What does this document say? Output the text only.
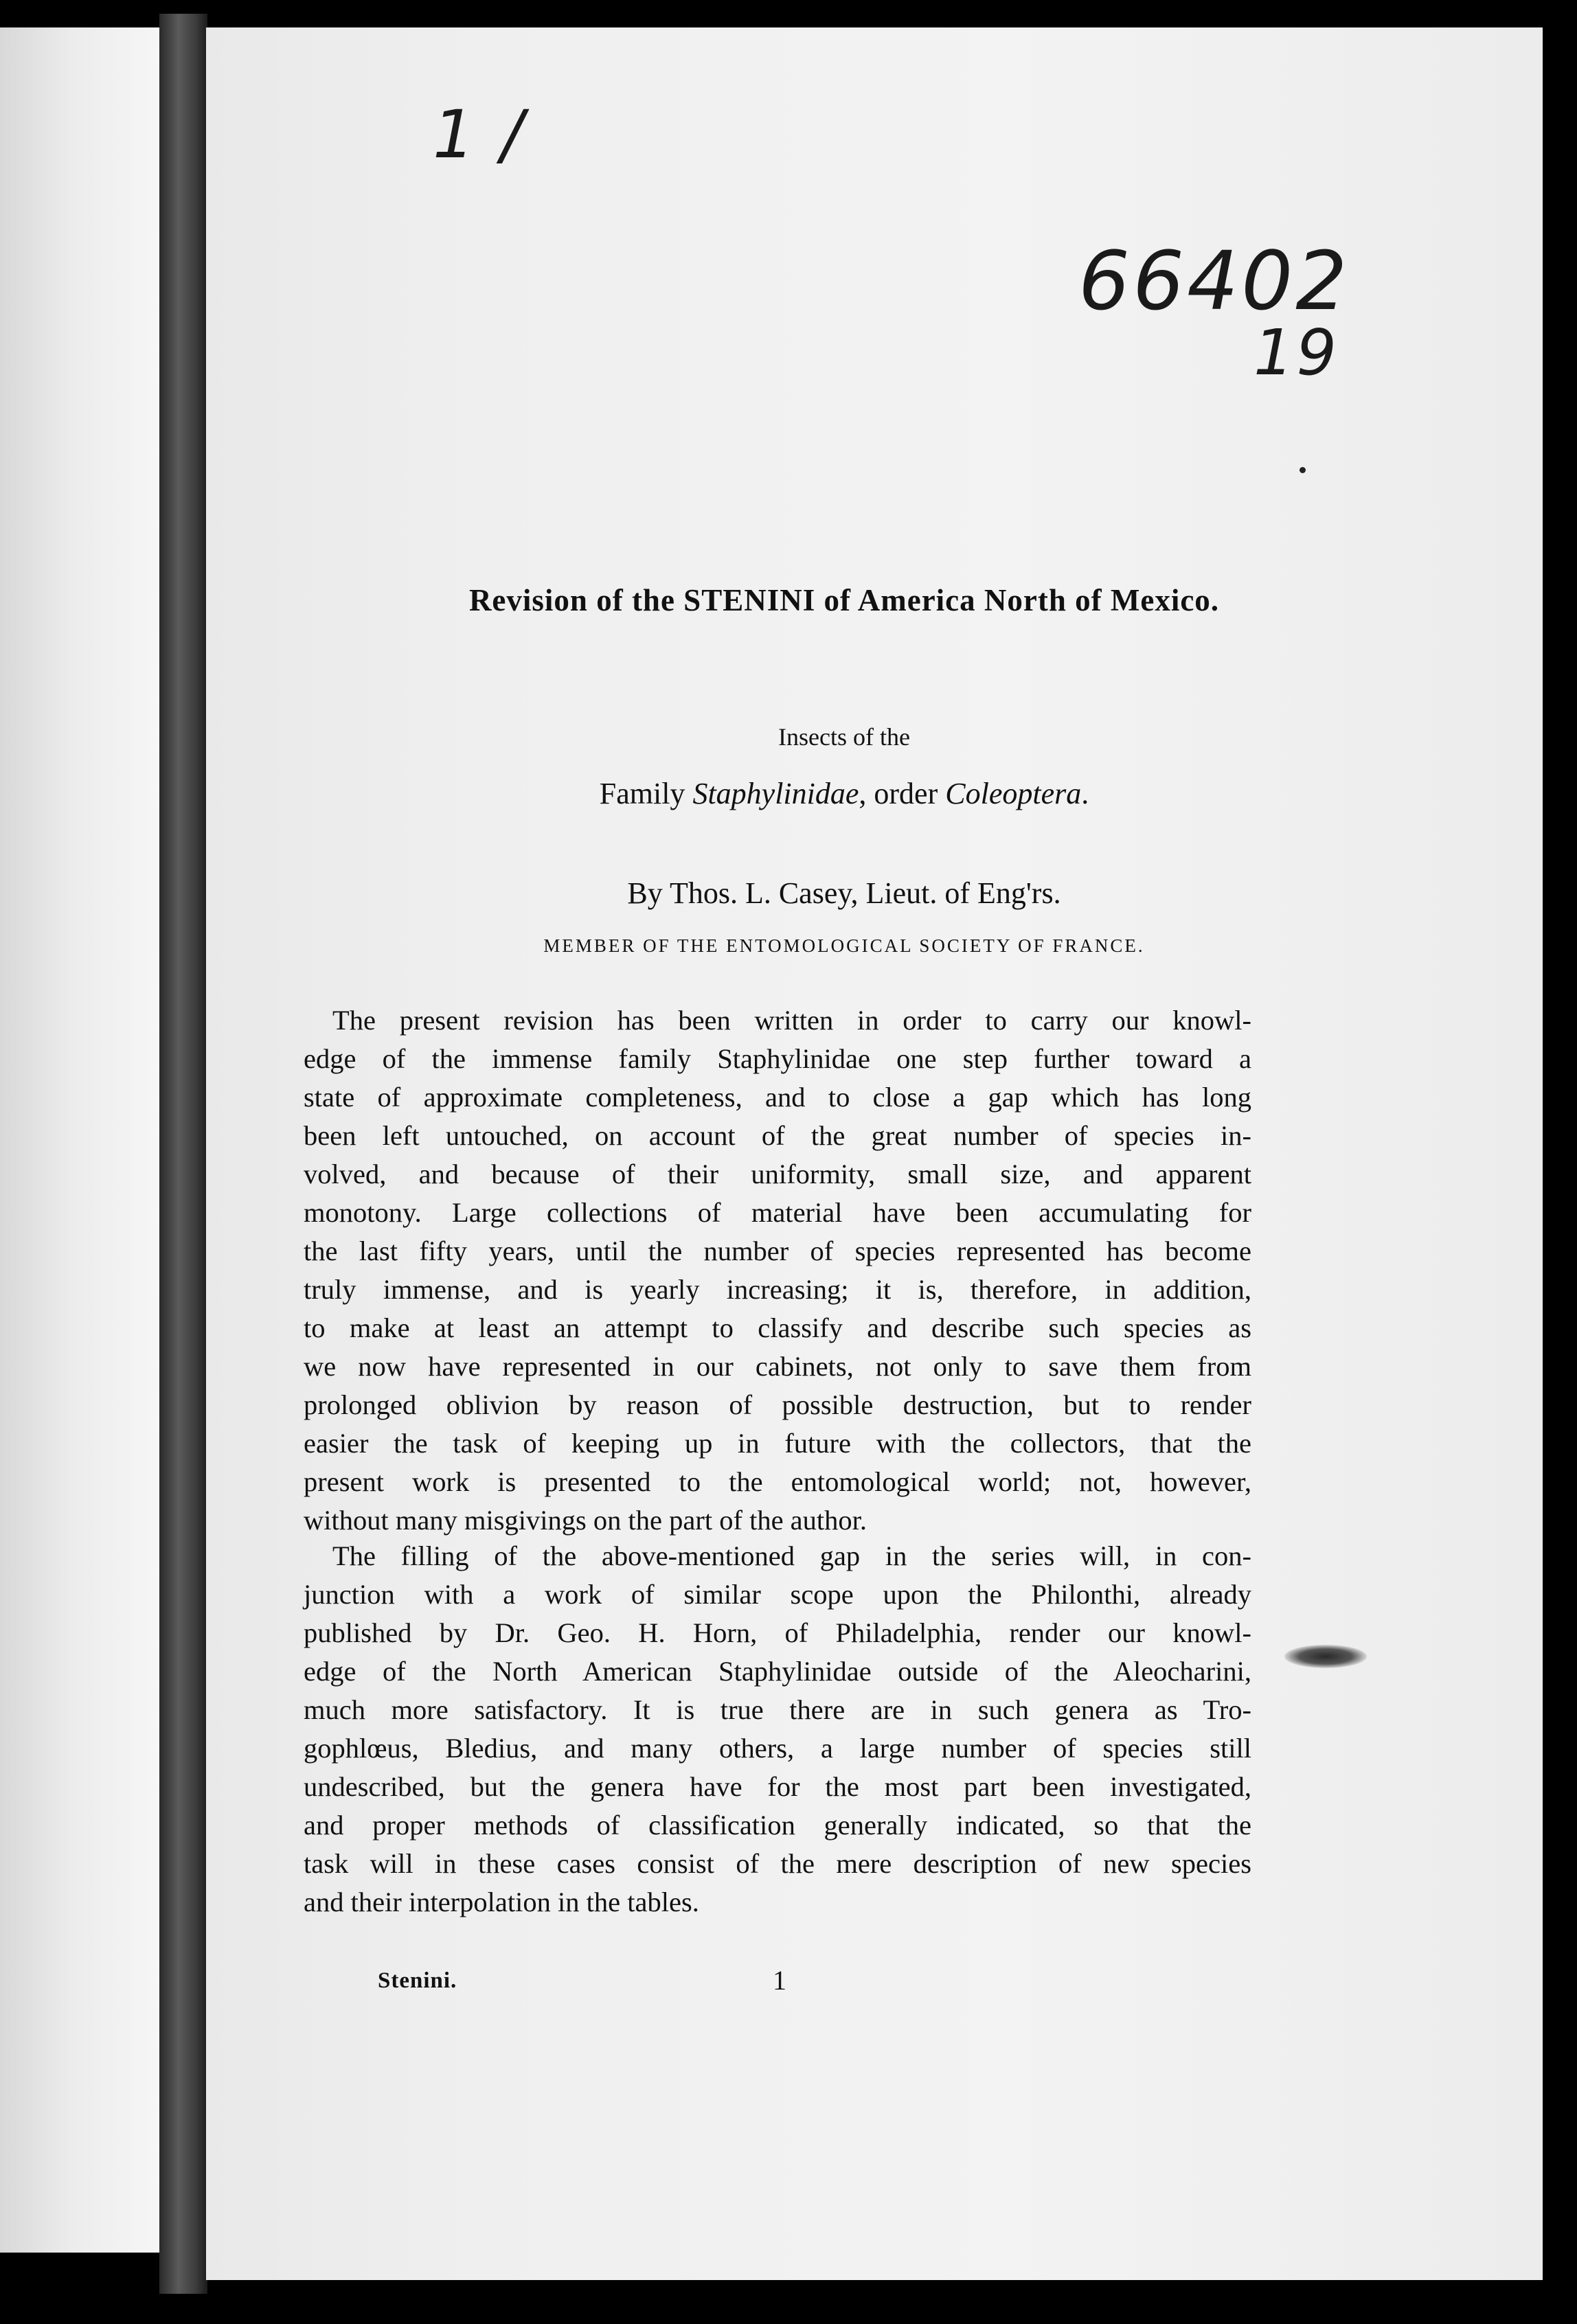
1 /
66402
19
Revision of the STENINI of America North of Mexico.
Insects of the
Family Staphylinidae, order Coleoptera.
By Thos. L. Casey, Lieut. of Eng'rs.
MEMBER OF THE ENTOMOLOGICAL SOCIETY OF FRANCE.
The present revision has been written in order to carry our knowl-
edge of the immense family Staphylinidae one step further toward a
state of approximate completeness, and to close a gap which has long
been left untouched, on account of the great number of species in-
volved, and because of their uniformity, small size, and apparent
monotony. Large collections of material have been accumulating for
the last fifty years, until the number of species represented has become
truly immense, and is yearly increasing; it is, therefore, in addition,
to make at least an attempt to classify and describe such species as
we now have represented in our cabinets, not only to save them from
prolonged oblivion by reason of possible destruction, but to render
easier the task of keeping up in future with the collectors, that the
present work is presented to the entomological world; not, however,
without many misgivings on the part of the author.
The filling of the above-mentioned gap in the series will, in con-
junction with a work of similar scope upon the Philonthi, already
published by Dr. Geo. H. Horn, of Philadelphia, render our knowl-
edge of the North American Staphylinidae outside of the Aleocharini,
much more satisfactory. It is true there are in such genera as Tro-
gophlœus, Bledius, and many others, a large number of species still
undescribed, but the genera have for the most part been investigated,
and proper methods of classification generally indicated, so that the
task will in these cases consist of the mere description of new species
and their interpolation in the tables.
Stenini.	1
